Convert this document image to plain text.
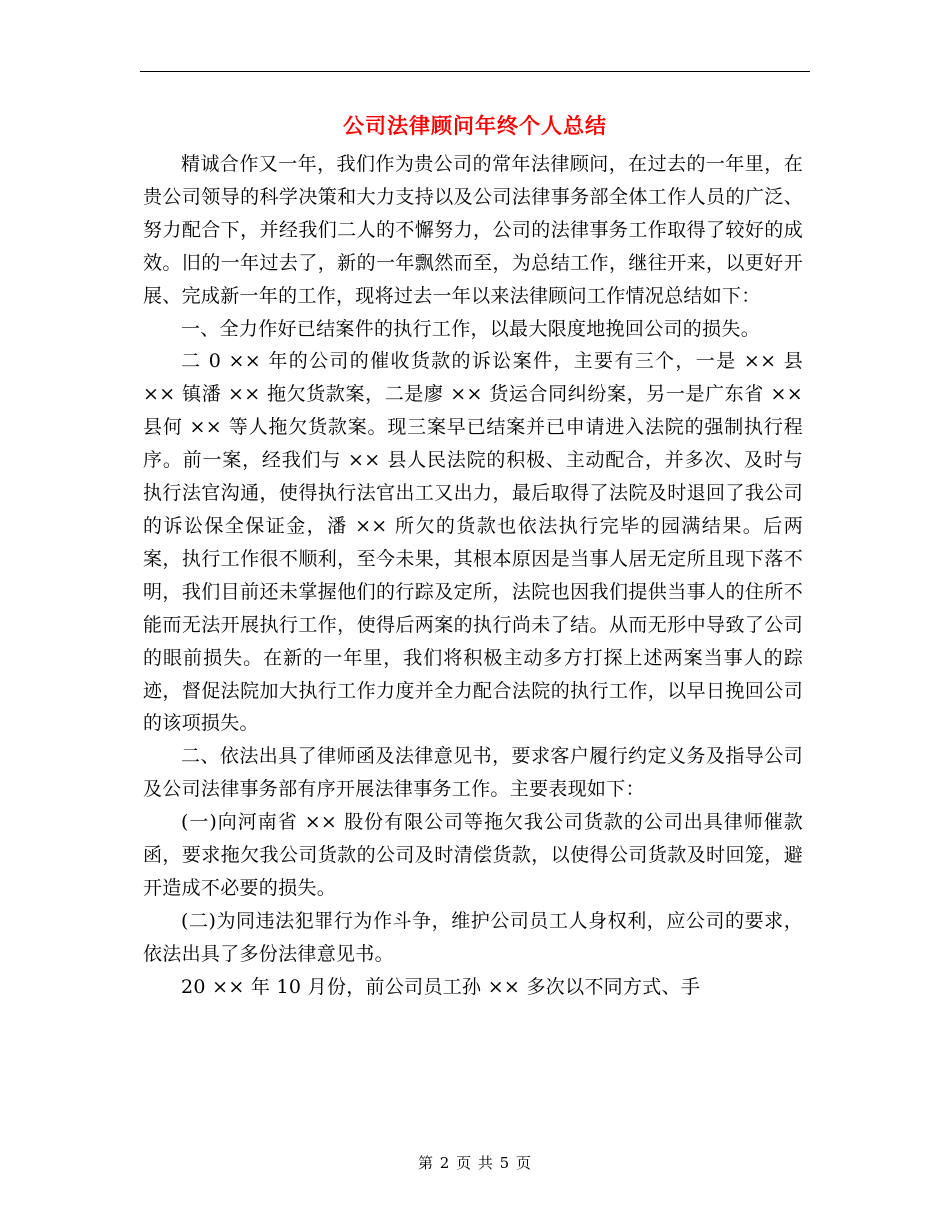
公司法律顾问年终个人总结

精诚合作又一年，我们作为贵公司的常年法律顾问，在过去的一年里，在贵公司领导的科学决策和大力支持以及公司法律事务部全体工作人员的广泛、努力配合下，并经我们二人的不懈努力，公司的法律事务工作取得了较好的成效。旧的一年过去了，新的一年飘然而至，为总结工作，继往开来，以更好开展、完成新一年的工作，现将过去一年以来法律顾问工作情况总结如下：

一、全力作好已结案件的执行工作，以最大限度地挽回公司的损失。

二 0 ×× 年的公司的催收货款的诉讼案件，主要有三个，一是 ×× 县 ×× 镇潘 ×× 拖欠货款案，二是廖 ×× 货运合同纠纷案，另一是广东省 ×× 县何 ×× 等人拖欠货款案。现三案早已结案并已申请进入法院的强制执行程序。前一案，经我们与 ×× 县人民法院的积极、主动配合，并多次、及时与执行法官沟通，使得执行法官出工又出力，最后取得了法院及时退回了我公司的诉讼保全保证金，潘 ×× 所欠的货款也依法执行完毕的园满结果。后两案，执行工作很不顺利，至今未果，其根本原因是当事人居无定所且现下落不明，我们目前还未掌握他们的行踪及定所，法院也因我们提供当事人的住所不能而无法开展执行工作，使得后两案的执行尚未了结。从而无形中导致了公司的眼前损失。在新的一年里，我们将积极主动多方打探上述两案当事人的踪迹，督促法院加大执行工作力度并全力配合法院的执行工作，以早日挽回公司的该项损失。

二、依法出具了律师函及法律意见书，要求客户履行约定义务及指导公司及公司法律事务部有序开展法律事务工作。主要表现如下：

(一)向河南省 ×× 股份有限公司等拖欠我公司货款的公司出具律师催款函，要求拖欠我公司货款的公司及时清偿货款，以使得公司货款及时回笼，避开造成不必要的损失。

(二)为同违法犯罪行为作斗争，维护公司员工人身权利，应公司的要求，依法出具了多份法律意见书。

20 ×× 年 10 月份，前公司员工孙 ×× 多次以不同方式、手

第 2 页 共 5 页
